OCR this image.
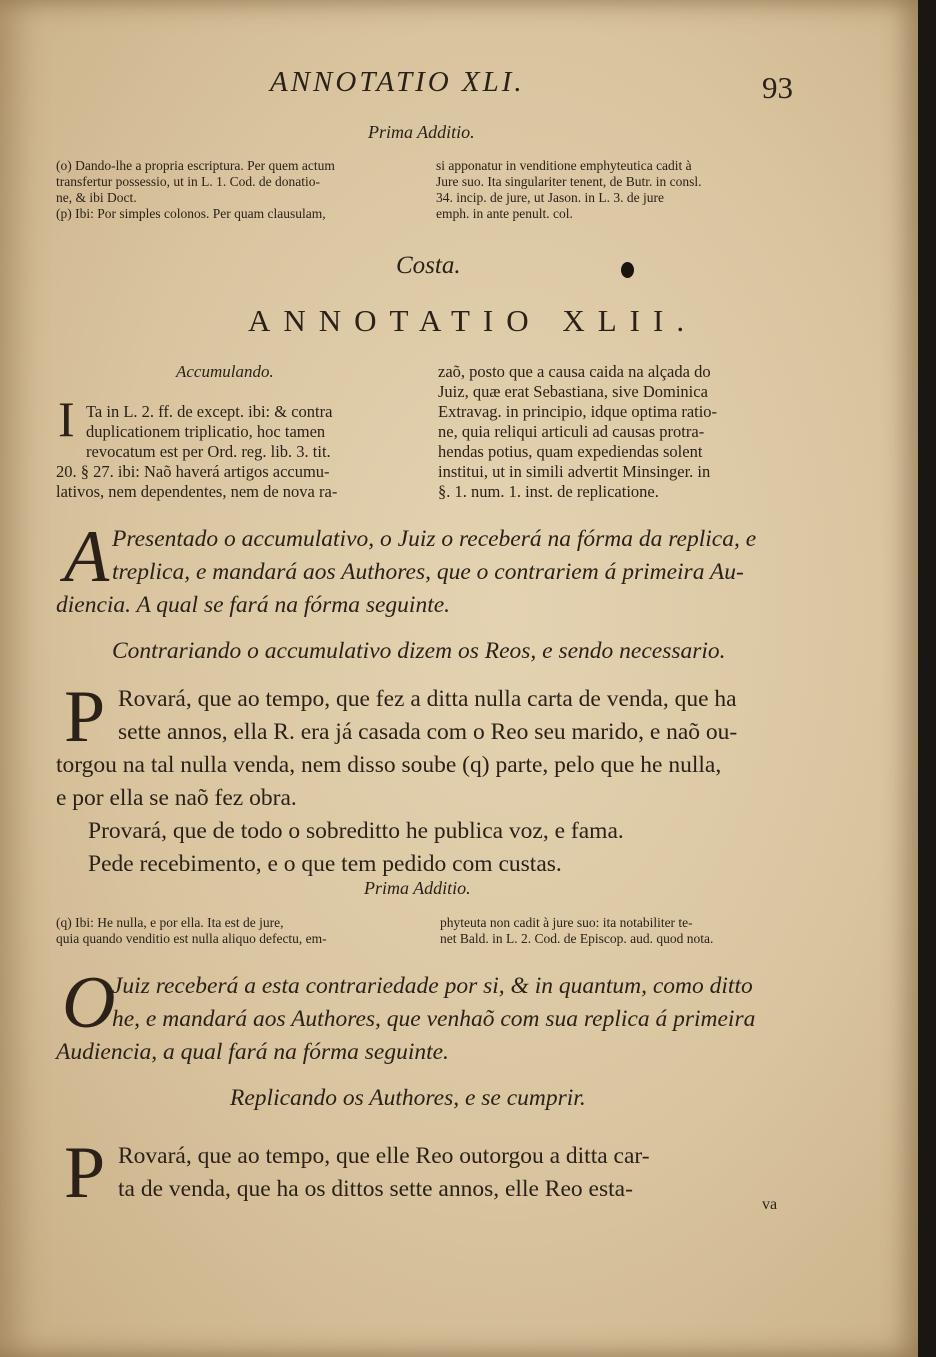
ANNOTATIO XLI.	93
Prima Additio.
(o) Dando-lhe a propria escriptura. Per quem actum
transfertur possessio, ut in L. 1. Cod. de donatio-
ne, & ibi Doct.
(p) Ibi: Por simples colonos. Per quam clausulam,
si apponatur in venditione emphyteutica cadit à
Jure suo. Ita singulariter tenent, de Butr. in consl.
34. incip. de jure, ut Jason. in L. 3. de jure
emph. in ante penult. col.
Costa.
ANNOTATIO XLII.
Accumulando.
I Ta in L. 2. ff. de except. ibi: & contra
duplicationem triplicatio, hoc tamen
revocatum est per Ord. reg. lib. 3. tit.
20. § 27. ibi: Naõ haverá artigos accumu-
lativos, nem dependentes, nem de nova ra-
zaõ, posto que a causa caida na alçada do
Juiz, quæ erat Sebastiana, sive Dominica
Extravag. in principio, idque optima ratio-
ne, quia reliqui articuli ad causas protra-
hendas potius, quam expediendas solent
institui, ut in simili advertit Minsinger. in
§. 1. num. 1. inst. de replicatione.
A Presentado o accumulativo, o Juiz o receberá na fórma da replica, e
treplica, e mandará aos Authores, que o contrariem á primeira Au-
diencia. A qual se fará na fórma seguinte.
Contrariando o accumulativo dizem os Reos, e sendo necessario.
P Rovará, que ao tempo, que fez a ditta nulla carta de venda, que ha
sette annos, ella R. era já casada com o Reo seu marido, e naõ ou-
torgou na tal nulla venda, nem disso soube (q) parte, pelo que he nulla,
e por ella se naõ fez obra.
Provará, que de todo o sobreditto he publica voz, e fama.
Pede recebimento, e o que tem pedido com custas.
Prima Additio.
(q) Ibi: He nulla, e por ella. Ita est de jure,
quia quando venditio est nulla aliquo defectu, em-
phyteuta non cadit à jure suo: ita notabiliter te-
net Bald. in L. 2. Cod. de Episcop. aud. quod nota.
O
Juiz receberá a esta contrariedade por si, & in quantum, como ditto
he, e mandará aos Authores, que venhaõ com sua replica á primeira
Audiencia, a qual fará na fórma seguinte.
Replicando os Authores, e se cumprir.
P Rovará, que ao tempo, que elle Reo outorgou a ditta car-
ta de venda, que ha os dittos sette annos, elle Reo esta-
va
